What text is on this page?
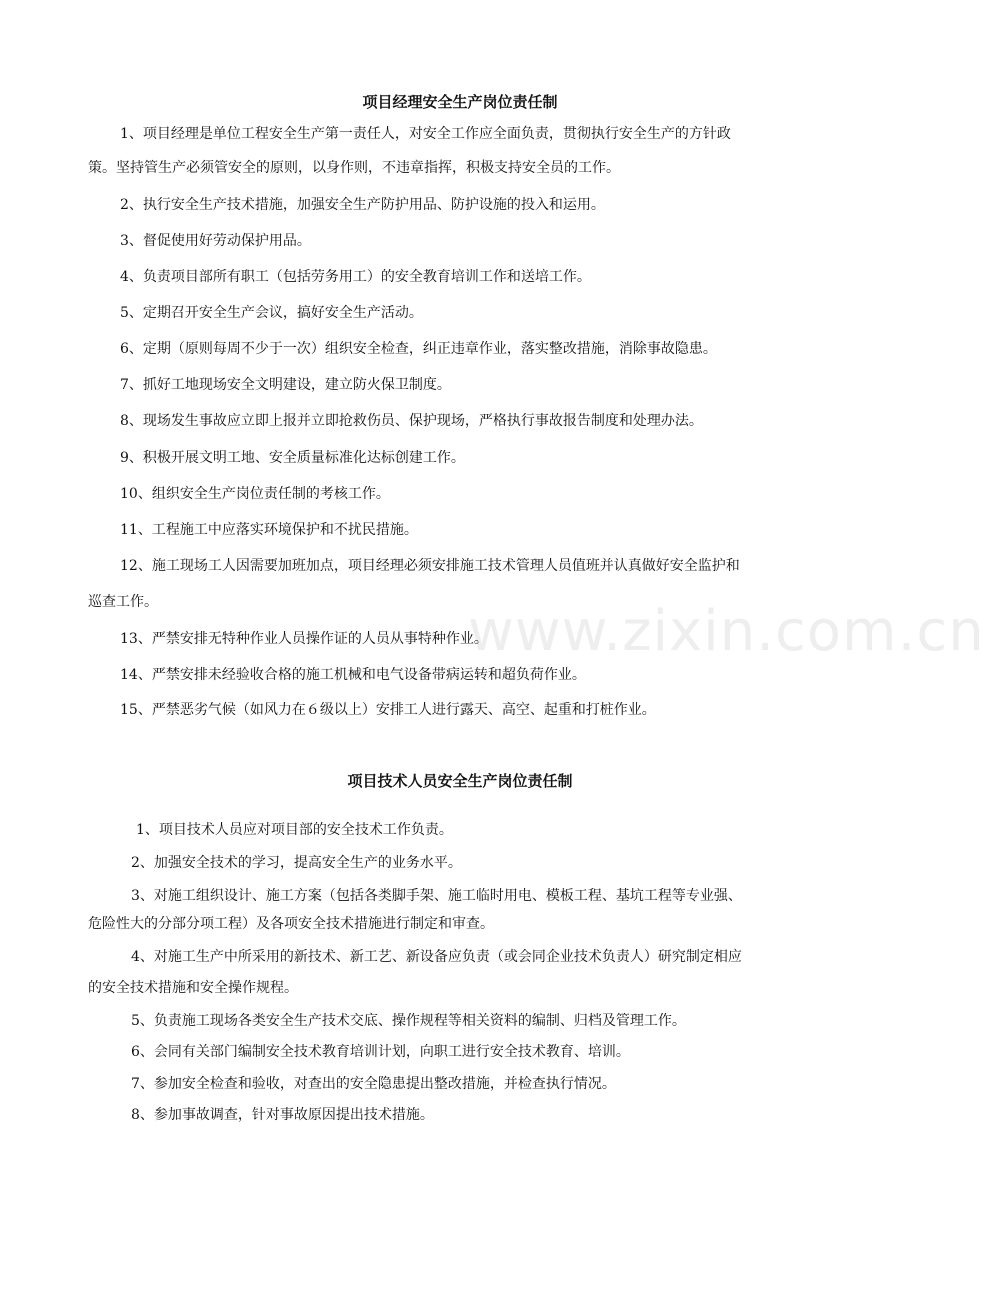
www.zixin.com.cn
项目经理安全生产岗位责任制
1、项目经理是单位工程安全生产第一责任人，对安全工作应全面负责，贯彻执行安全生产的方针政
策。坚持管生产必须管安全的原则，以身作则，不违章指挥，积极支持安全员的工作。
2、执行安全生产技术措施，加强安全生产防护用品、防护设施的投入和运用。
3、督促使用好劳动保护用品。
4、负责项目部所有职工（包括劳务用工）的安全教育培训工作和送培工作。
5、定期召开安全生产会议，搞好安全生产活动。
6、定期（原则每周不少于一次）组织安全检查，纠正违章作业，落实整改措施，消除事故隐患。
7、抓好工地现场安全文明建设，建立防火保卫制度。
8、现场发生事故应立即上报并立即抢救伤员、保护现场，严格执行事故报告制度和处理办法。
9、积极开展文明工地、安全质量标准化达标创建工作。
10、组织安全生产岗位责任制的考核工作。
11、工程施工中应落实环境保护和不扰民措施。
12、施工现场工人因需要加班加点，项目经理必须安排施工技术管理人员值班并认真做好安全监护和
巡查工作。
13、严禁安排无特种作业人员操作证的人员从事特种作业。
14、严禁安排未经验收合格的施工机械和电气设备带病运转和超负荷作业。
15、严禁恶劣气候（如风力在６级以上）安排工人进行露天、高空、起重和打桩作业。
项目技术人员安全生产岗位责任制
1、项目技术人员应对项目部的安全技术工作负责。
2、加强安全技术的学习，提高安全生产的业务水平。
3、对施工组织设计、施工方案（包括各类脚手架、施工临时用电、模板工程、基坑工程等专业强、
危险性大的分部分项工程）及各项安全技术措施进行制定和审查。
4、对施工生产中所采用的新技术、新工艺、新设备应负责（或会同企业技术负责人）研究制定相应
的安全技术措施和安全操作规程。
5、负责施工现场各类安全生产技术交底、操作规程等相关资料的编制、归档及管理工作。
6、会同有关部门编制安全技术教育培训计划，向职工进行安全技术教育、培训。
7、参加安全检查和验收，对查出的安全隐患提出整改措施，并检查执行情况。
8、参加事故调查，针对事故原因提出技术措施。
